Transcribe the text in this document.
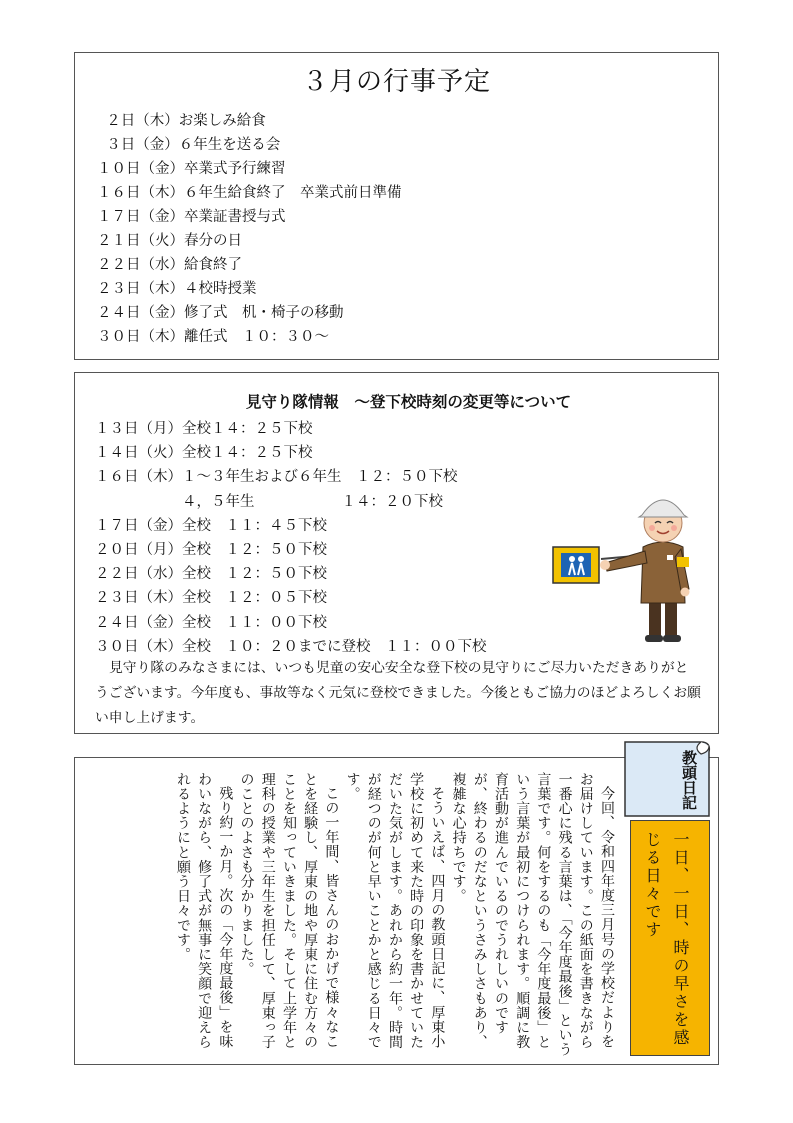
３月の行事予定
２日（木）お楽しみ給食
３日（金）６年生を送る会
１０日（金）卒業式予行練習
１６日（木）６年生給食終了　卒業式前日準備
１７日（金）卒業証書授与式
２１日（火）春分の日
２２日（水）給食終了
２３日（木）４校時授業
２４日（金）修了式　机・椅子の移動
３０日（木）離任式　１０：３０～
見守り隊情報　～登下校時刻の変更等について
１３日（月）全校１４：２５下校
１４日（火）全校１４：２５下校
１６日（木）１～３年生および６年生　１２：５０下校
　　　　　　４，５年生　　　　　　１４：２０下校
１７日（金）全校　１１：４５下校
２０日（月）全校　１２：５０下校
２２日（水）全校　１２：５０下校
２３日（木）全校　１２：０５下校
２４日（金）全校　１１：００下校
３０日（木）全校　１０：２０までに登校　１１：００下校

見守り隊のみなさまには、いつも児童の安心安全な登下校の見守りにご尽力いただきありがとうございます。今年度も、事故等なく元気に登校できました。今後ともご協力のほどよろしくお願い申し上げます。

今回、令和四年度三月号の学校だよりをお届けしています。この紙面を書きながら一番心に残る言葉は、「今年度最後」という言葉です。何をするのも「今年度最後」という言葉が最初につけられます。順調に教育活動が進んでいるのでうれしいのですが、終わるのだなというさみしさもあり、複雑な心持ちです。

そういえば、四月の教頭日記に、厚東小学校に初めて来た時の印象を書かせていただいた気がします。あれから約一年。時間が経つのが何と早いことかと感じる日々です。

この一年間、皆さんのおかげで様々なことを経験し、厚東の地や厚東に住む方々のことを知っていきました。そして上学年と理科の授業や三年生を担任して、厚東っ子のことのよさも分かりました。

残り約一か月。次の「今年度最後」を味わいながら、修了式が無事に笑顔で迎えられるようにと願う日々です。	教頭日記
一日、一日、時の早さを感じる日々です
